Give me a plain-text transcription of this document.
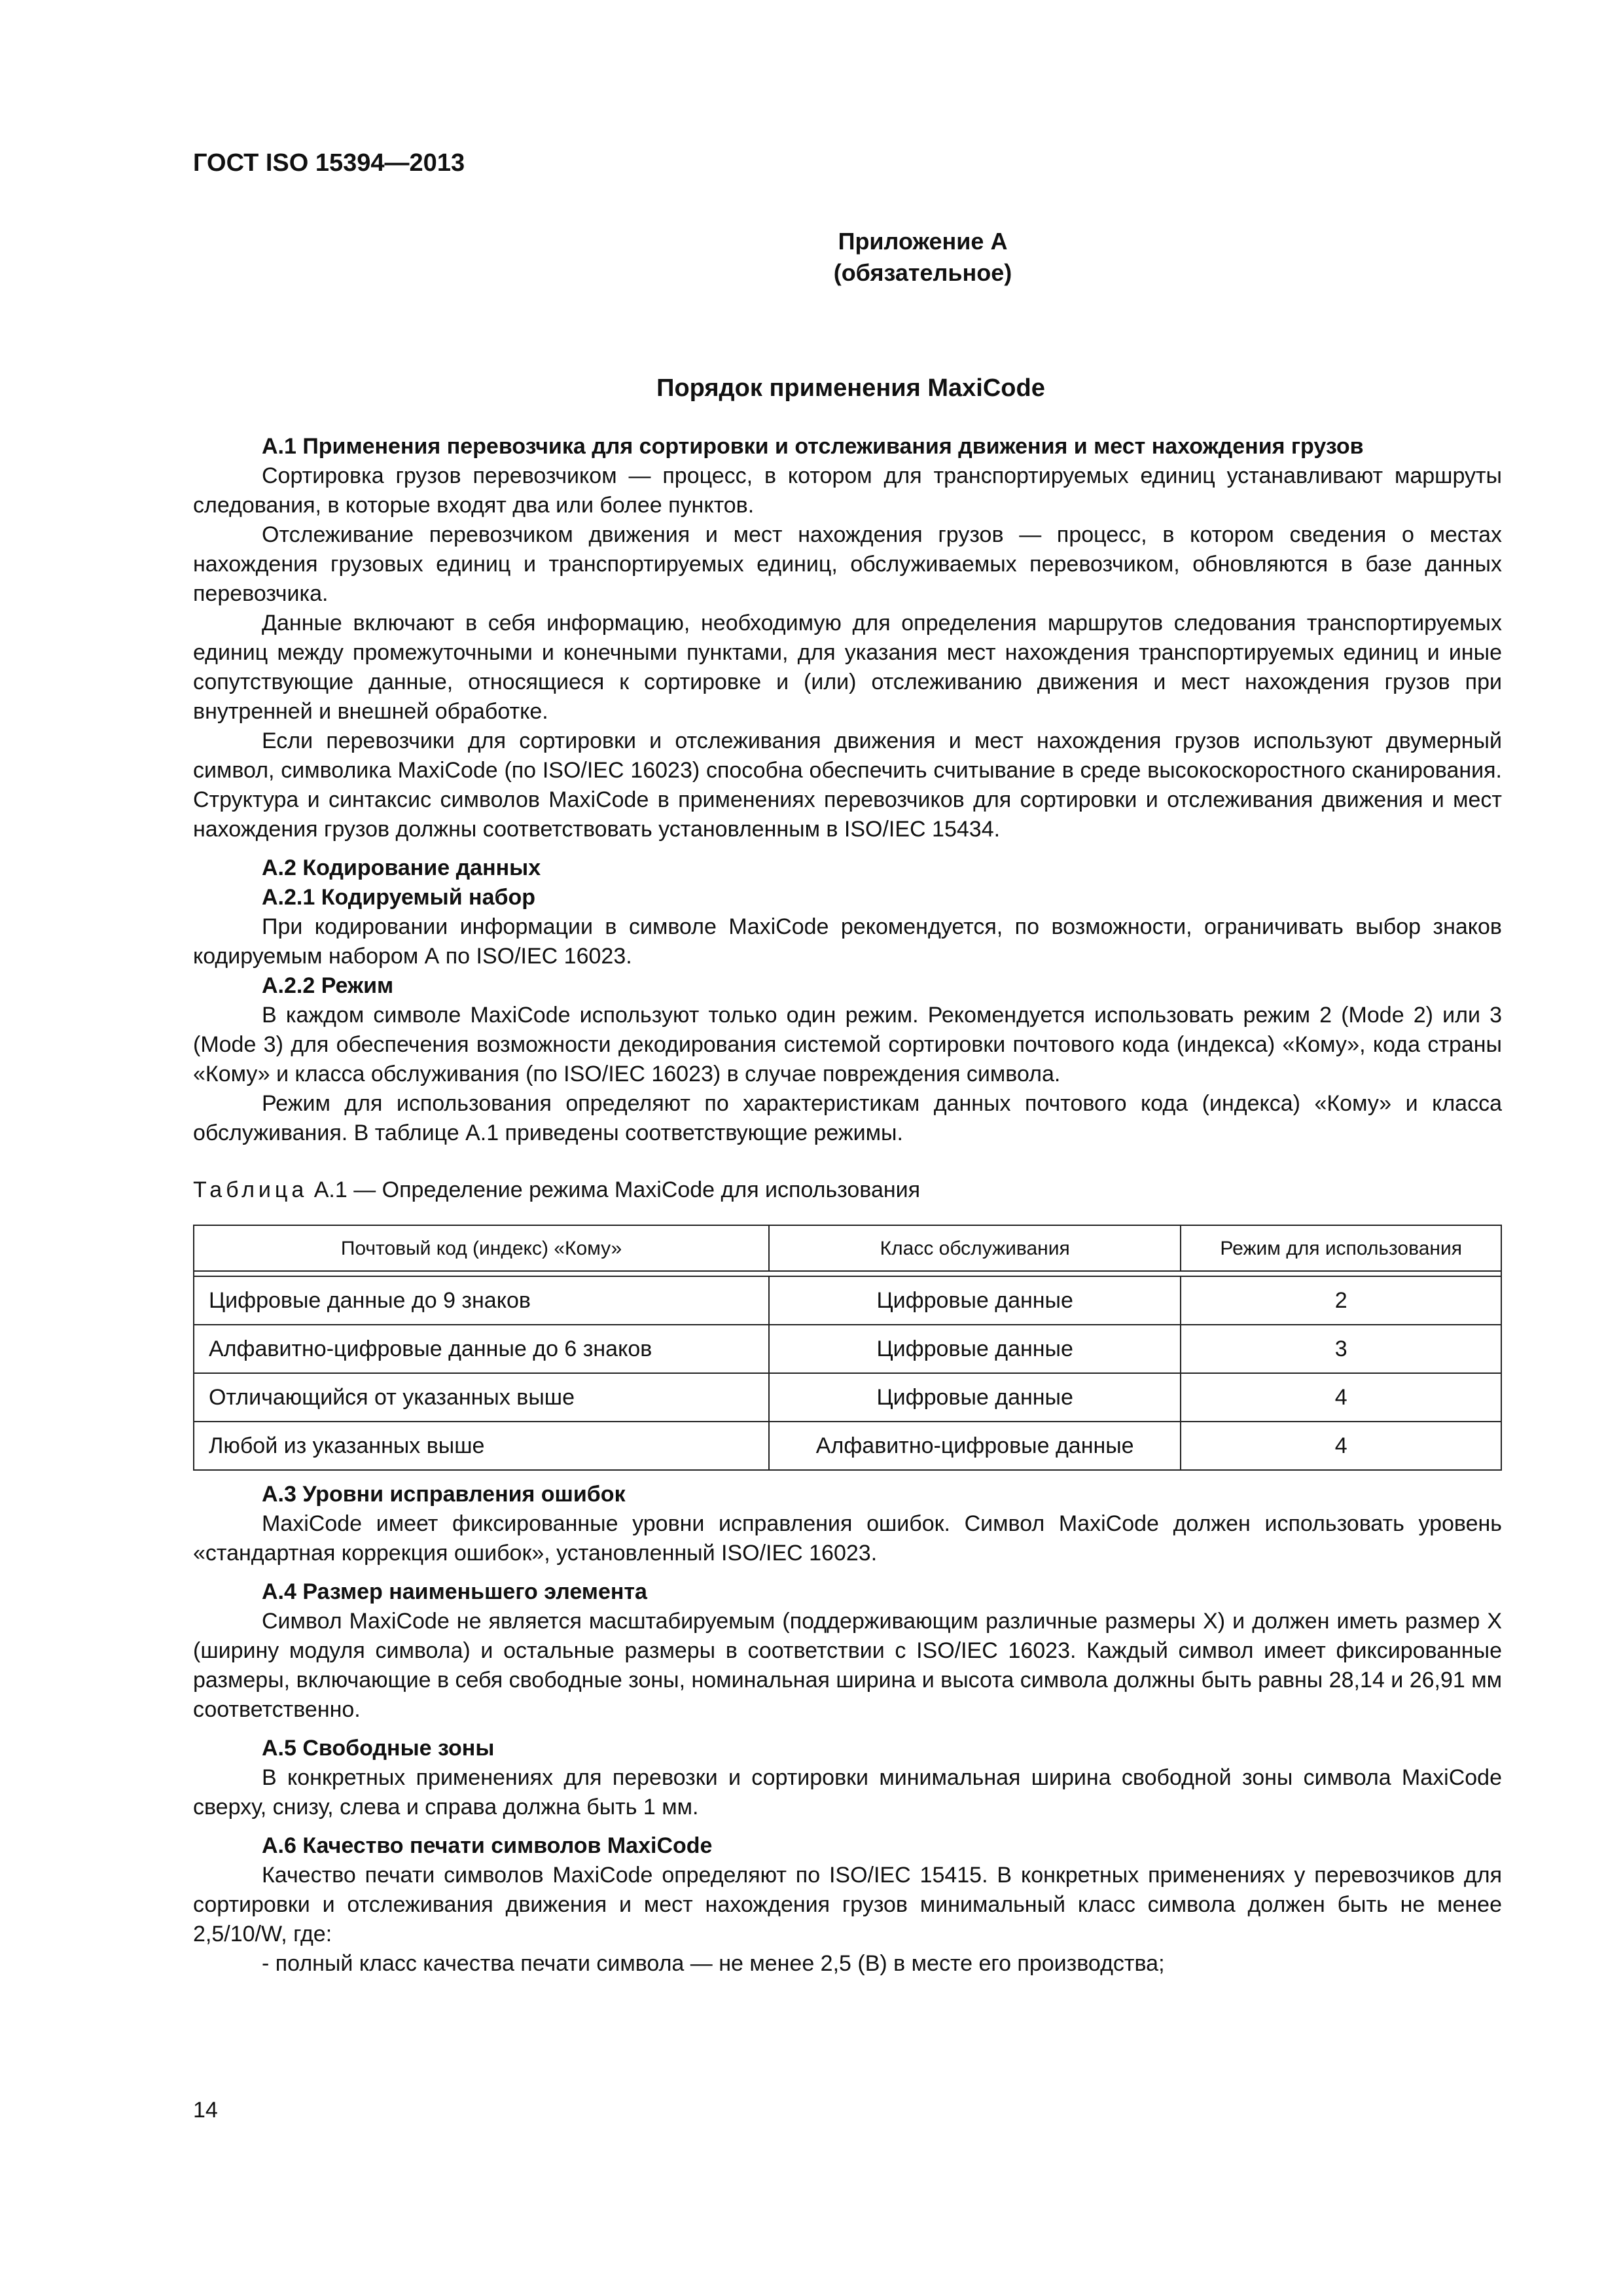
ГОСТ ISO 15394—2013
Приложение А
(обязательное)
Порядок применения MaxiCode

А.1 Применения перевозчика для сортировки и отслеживания движения и мест нахождения грузов

Сортировка грузов перевозчиком — процесс, в котором для транспортируемых единиц устанавливают маршруты следования, в которые входят два или более пунктов.

Отслеживание перевозчиком движения и мест нахождения грузов — процесс, в котором сведения о местах нахождения грузовых единиц и транспортируемых единиц, обслуживаемых перевозчиком, обновляются в базе данных перевозчика.

Данные включают в себя информацию, необходимую для определения маршрутов следования транспортируемых единиц между промежуточными и конечными пунктами, для указания мест нахождения транспортируемых единиц и иные сопутствующие данные, относящиеся к сортировке и (или) отслеживанию движения и мест нахождения грузов при внутренней и внешней обработке.

Если перевозчики для сортировки и отслеживания движения и мест нахождения грузов используют двумерный символ, символика MaxiCode (по ISO/IEC 16023) способна обеспечить считывание в среде высокоскоростного сканирования. Структура и синтаксис символов MaxiCode в применениях перевозчиков для сортировки и отслеживания движения и мест нахождения грузов должны соответствовать установленным в ISO/IEC 15434.

А.2 Кодирование данных

А.2.1 Кодируемый набор

При кодировании информации в символе MaxiCode рекомендуется, по возможности, ограничивать выбор знаков кодируемым набором А по ISO/IEC 16023.

А.2.2 Режим

В каждом символе MaxiCode используют только один режим. Рекомендуется использовать режим 2 (Mode 2) или 3 (Mode 3) для обеспечения возможности декодирования системой сортировки почтового кода (индекса) «Кому», кода страны «Кому» и класса обслуживания (по ISO/IEC 16023) в случае повреждения символа.

Режим для использования определяют по характеристикам данных почтового кода (индекса) «Кому» и класса обслуживания. В таблице А.1 приведены соответствующие режимы.

Таблица А.1 — Определение режима MaxiCode для использования

Почтовый код (индекс) «Кому»	Класс обслуживания	Режим для использования

Цифровые данные до 9 знаков	Цифровые данные	2
Алфавитно-цифровые данные до 6 знаков	Цифровые данные	3
Отличающийся от указанных выше	Цифровые данные	4
Любой из указанных выше	Алфавитно-цифровые данные	4

А.3 Уровни исправления ошибок

MaxiCode имеет фиксированные уровни исправления ошибок. Символ MaxiCode должен использовать уровень «стандартная коррекция ошибок», установленный ISO/IEC 16023.

А.4 Размер наименьшего элемента

Символ MaxiCode не является масштабируемым (поддерживающим различные размеры X) и должен иметь размер X (ширину модуля символа) и остальные размеры в соответствии с ISO/IEC 16023. Каждый символ имеет фиксированные размеры, включающие в себя свободные зоны, номинальная ширина и высота символа должны быть равны 28,14 и 26,91 мм соответственно.

А.5 Свободные зоны

В конкретных применениях для перевозки и сортировки минимальная ширина свободной зоны символа MaxiCode сверху, снизу, слева и справа должна быть 1 мм.

А.6 Качество печати символов MaxiCode

Качество печати символов MaxiCode определяют по ISO/IEC 15415. В конкретных применениях у перевозчиков для сортировки и отслеживания движения и мест нахождения грузов минимальный класс символа должен быть не менее 2,5/10/W, где:

- полный класс качества печати символа — не менее 2,5 (В) в месте его производства;

14
